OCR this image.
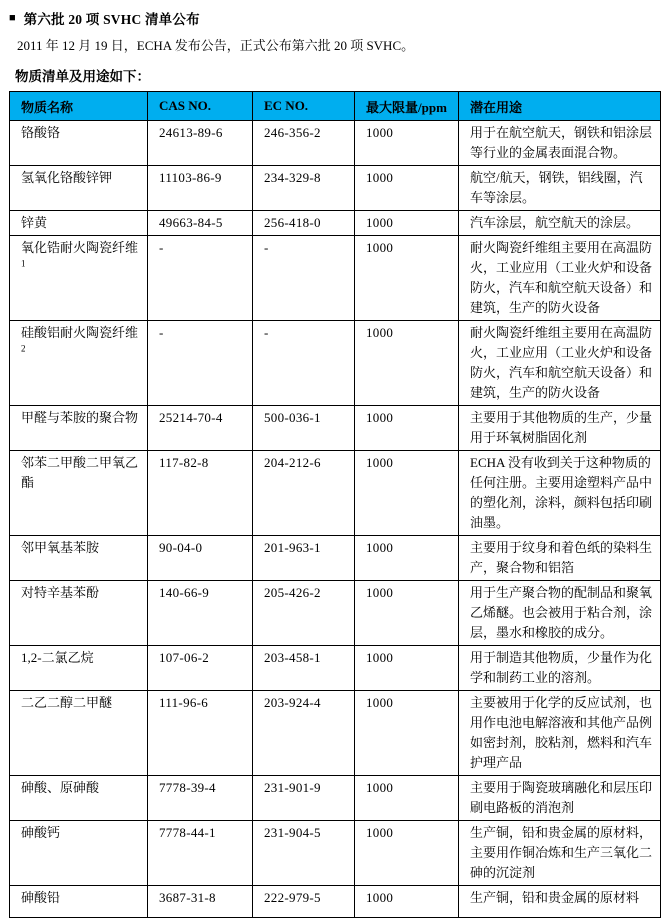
■ 第六批 20 项 SVHC 清单公布
2011 年 12 月 19 日，ECHA 发布公告，正式公布第六批 20 项 SVHC。
物质清单及用途如下：
物质名称	CAS NO.	EC NO.	最大限量/ppm	潜在用途
铬酸铬	24613-89-6	246-356-2	1000	用于在航空航天，钢铁和铝涂层等行业的金属表面混合物。
氢氧化铬酸锌钾	11103-86-9	234-329-8	1000	航空/航天，钢铁，铝线圈，汽车等涂层。
锌黄	49663-84-5	256-418-0	1000	汽车涂层，航空航天的涂层。
氧化锆耐火陶瓷纤维$^1$	-	-	1000	耐火陶瓷纤维组主要用在高温防火，工业应用（工业火炉和设备防火，汽车和航空航天设备）和建筑，生产的防火设备
硅酸铝耐火陶瓷纤维$^2$	-	-	1000	耐火陶瓷纤维组主要用在高温防火，工业应用（工业火炉和设备防火，汽车和航空航天设备）和建筑，生产的防火设备
甲醛与苯胺的聚合物	25214-70-4	500-036-1	1000	主要用于其他物质的生产，少量用于环氧树脂固化剂
邻苯二甲酸二甲氧乙酯	117-82-8	204-212-6	1000	ECHA 没有收到关于这种物质的任何注册。主要用途塑料产品中的塑化剂，涂料，颜料包括印刷油墨。
邻甲氧基苯胺	90-04-0	201-963-1	1000	主要用于纹身和着色纸的染料生产，聚合物和铝箔
对特辛基苯酚	140-66-9	205-426-2	1000	用于生产聚合物的配制品和聚氧乙烯醚。也会被用于粘合剂，涂层，墨水和橡胶的成分。
1,2-二氯乙烷	107-06-2	203-458-1	1000	用于制造其他物质，少量作为化学和制药工业的溶剂。
二乙二醇二甲醚	111-96-6	203-924-4	1000	主要被用于化学的反应试剂，也用作电池电解溶液和其他产品例如密封剂，胶粘剂，燃料和汽车护理产品
砷酸、原砷酸	7778-39-4	231-901-9	1000	主要用于陶瓷玻璃融化和层压印刷电路板的消泡剂
砷酸钙	7778-44-1	231-904-5	1000	生产铜，铅和贵金属的原材料，主要用作铜冶炼和生产三氧化二砷的沉淀剂
砷酸铅	3687-31-8	222-979-5	1000	生产铜，铅和贵金属的原材料
